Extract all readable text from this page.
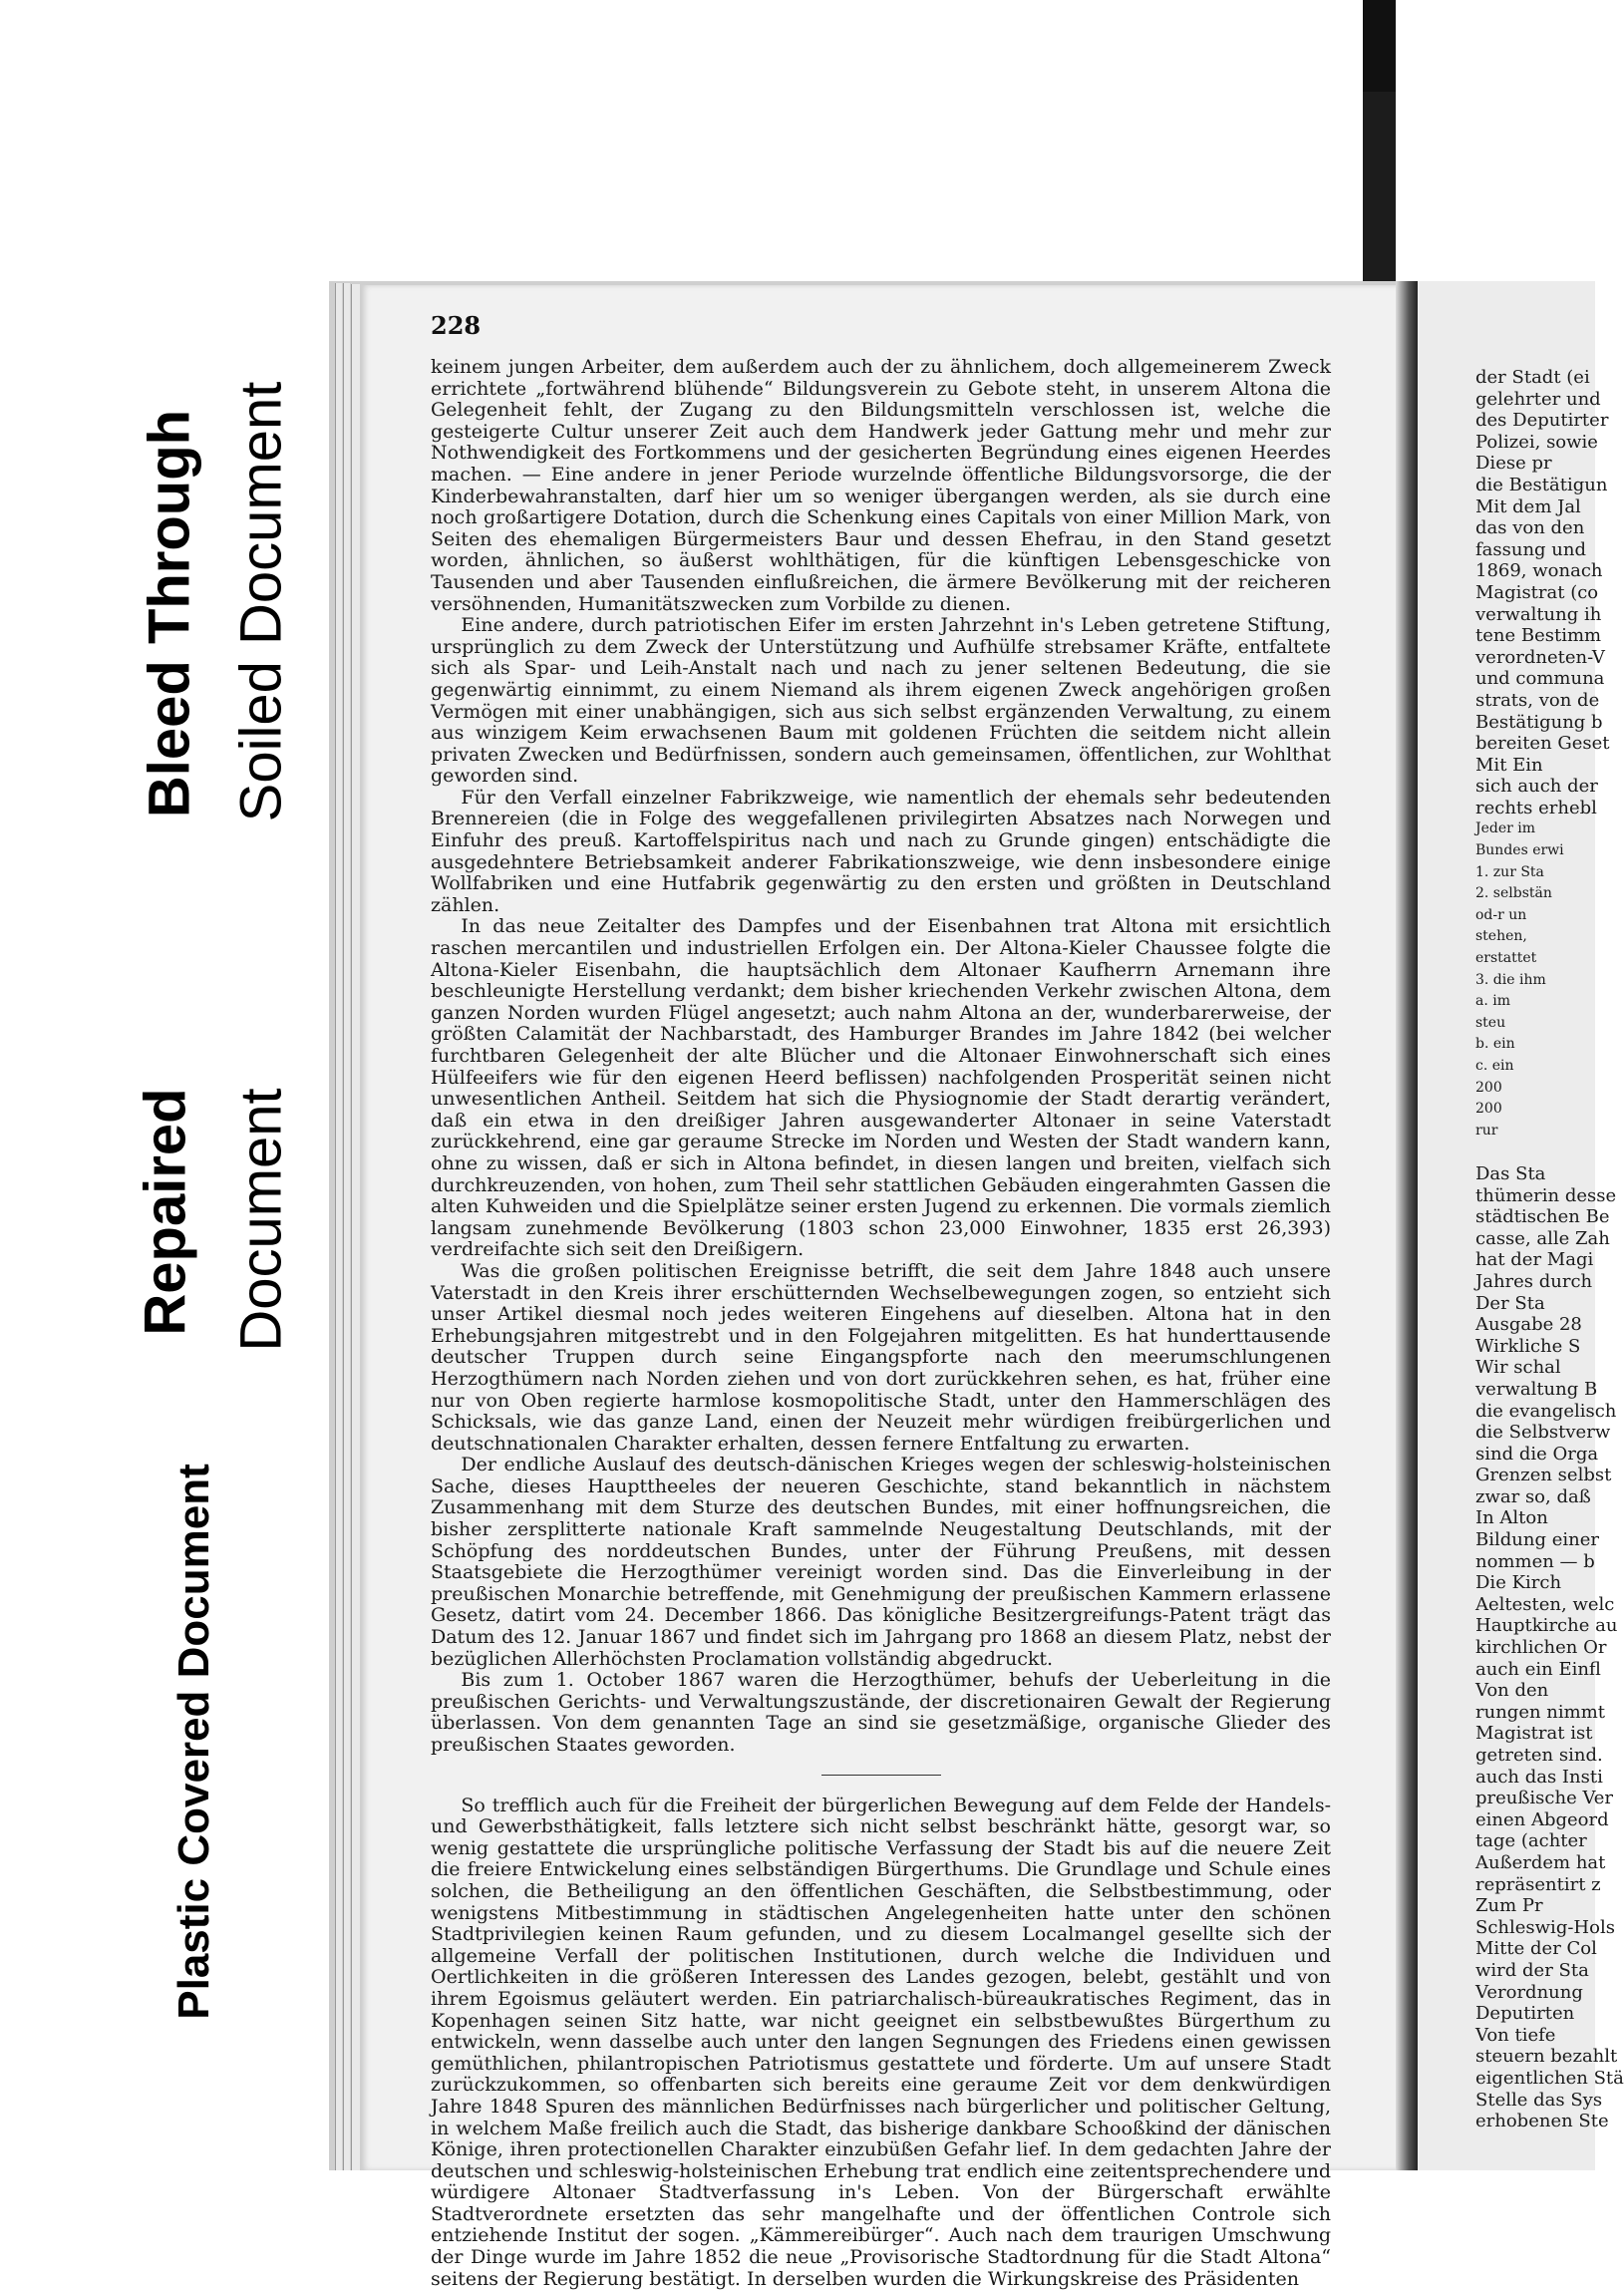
Bleed Through Soiled Document
Repaired Document
Plastic Covered Document
228

keinem jungen Arbeiter, dem außerdem auch der zu ähnlichem, doch allgemeinerem Zweck errichtete „fortwährend blühende“ Bildungsverein zu Gebote steht, in unserem Altona die Gelegenheit fehlt, der Zugang zu den Bildungsmitteln verschlossen ist, welche die gesteigerte Cultur unserer Zeit auch dem Handwerk jeder Gattung mehr und mehr zur Nothwendigkeit des Fortkommens und der gesicherten Begründung eines eigenen Heerdes machen. — Eine andere in jener Periode wurzelnde öffentliche Bildungsvorsorge, die der Kinderbewahranstalten, darf hier um so weniger übergangen werden, als sie durch eine noch großartigere Dotation, durch die Schenkung eines Capitals von einer Million Mark, von Seiten des ehemaligen Bürgermeisters Baur und dessen Ehefrau, in den Stand gesetzt worden, ähnlichen, so äußerst wohlthätigen, für die künftigen Lebensgeschicke von Tausenden und aber Tausenden einflußreichen, die ärmere Bevölkerung mit der reicheren versöhnenden, Humanitätszwecken zum Vorbilde zu dienen.

Eine andere, durch patriotischen Eifer im ersten Jahrzehnt in's Leben getretene Stiftung, ursprünglich zu dem Zweck der Unterstützung und Aufhülfe strebsamer Kräfte, entfaltete sich als Spar- und Leih-Anstalt nach und nach zu jener seltenen Bedeutung, die sie gegenwärtig einnimmt, zu einem Niemand als ihrem eigenen Zweck angehörigen großen Vermögen mit einer unabhängigen, sich aus sich selbst ergänzenden Verwaltung, zu einem aus winzigem Keim erwachsenen Baum mit goldenen Früchten die seitdem nicht allein privaten Zwecken und Bedürfnissen, sondern auch gemeinsamen, öffentlichen, zur Wohlthat geworden sind.

Für den Verfall einzelner Fabrikzweige, wie namentlich der ehemals sehr bedeutenden Brennereien (die in Folge des weggefallenen privilegirten Absatzes nach Norwegen und Einfuhr des preuß. Kartoffelspiritus nach und nach zu Grunde gingen) entschädigte die ausgedehntere Betriebsamkeit anderer Fabrikationszweige, wie denn insbesondere einige Wollfabriken und eine Hutfabrik gegenwärtig zu den ersten und größten in Deutschland zählen.

In das neue Zeitalter des Dampfes und der Eisenbahnen trat Altona mit ersichtlich raschen mercantilen und industriellen Erfolgen ein. Der Altona-Kieler Chaussee folgte die Altona-Kieler Eisenbahn, die hauptsächlich dem Altonaer Kaufherrn Arnemann ihre beschleunigte Herstellung verdankt; dem bisher kriechenden Verkehr zwischen Altona, dem ganzen Norden wurden Flügel angesetzt; auch nahm Altona an der, wunderbarerweise, der größten Calamität der Nachbarstadt, des Hamburger Brandes im Jahre 1842 (bei welcher furchtbaren Gelegenheit der alte Blücher und die Altonaer Einwohnerschaft sich eines Hülfeeifers wie für den eigenen Heerd beflissen) nachfolgenden Prosperität seinen nicht unwesentlichen Antheil. Seitdem hat sich die Physiognomie der Stadt derartig verändert, daß ein etwa in den dreißiger Jahren ausgewanderter Altonaer in seine Vaterstadt zurückkehrend, eine gar geraume Strecke im Norden und Westen der Stadt wandern kann, ohne zu wissen, daß er sich in Altona befindet, in diesen langen und breiten, vielfach sich durchkreuzenden, von hohen, zum Theil sehr stattlichen Gebäuden eingerahmten Gassen die alten Kuhweiden und die Spielplätze seiner ersten Jugend zu erkennen. Die vormals ziemlich langsam zunehmende Bevölkerung (1803 schon 23,000 Einwohner, 1835 erst 26,393) verdreifachte sich seit den Dreißigern.

Was die großen politischen Ereignisse betrifft, die seit dem Jahre 1848 auch unsere Vaterstadt in den Kreis ihrer erschütternden Wechselbewegungen zogen, so entzieht sich unser Artikel diesmal noch jedes weiteren Eingehens auf dieselben. Altona hat in den Erhebungsjahren mitgestrebt und in den Folgejahren mitgelitten. Es hat hunderttausende deutscher Truppen durch seine Eingangspforte nach den meerumschlungenen Herzogthümern nach Norden ziehen und von dort zurückkehren sehen, es hat, früher eine nur von Oben regierte harmlose kosmopolitische Stadt, unter den Hammerschlägen des Schicksals, wie das ganze Land, einen der Neuzeit mehr würdigen freibürgerlichen und deutschnationalen Charakter erhalten, dessen fernere Entfaltung zu erwarten.

Der endliche Auslauf des deutsch-dänischen Krieges wegen der schleswig-holsteinischen Sache, dieses Haupttheeles der neueren Geschichte, stand bekanntlich in nächstem Zusammenhang mit dem Sturze des deutschen Bundes, mit einer hoffnungsreichen, die bisher zersplitterte nationale Kraft sammelnde Neugestaltung Deutschlands, mit der Schöpfung des norddeutschen Bundes, unter der Führung Preußens, mit dessen Staatsgebiete die Herzogthümer vereinigt worden sind. Das die Einverleibung in der preußischen Monarchie betreffende, mit Genehmigung der preußischen Kammern erlassene Gesetz, datirt vom 24. December 1866. Das königliche Besitzergreifungs-Patent trägt das Datum des 12. Januar 1867 und findet sich im Jahrgang pro 1868 an diesem Platz, nebst der bezüglichen Allerhöchsten Proclamation vollständig abgedruckt.

Bis zum 1. October 1867 waren die Herzogthümer, behufs der Ueberleitung in die preußischen Gerichts- und Verwaltungszustände, der discretionairen Gewalt der Regierung überlassen. Von dem genannten Tage an sind sie gesetzmäßige, organische Glieder des preußischen Staates geworden.

So trefflich auch für die Freiheit der bürgerlichen Bewegung auf dem Felde der Handels- und Gewerbsthätigkeit, falls letztere sich nicht selbst beschränkt hätte, gesorgt war, so wenig gestattete die ursprüngliche politische Verfassung der Stadt bis auf die neuere Zeit die freiere Entwickelung eines selbständigen Bürgerthums. Die Grundlage und Schule eines solchen, die Betheiligung an den öffentlichen Geschäften, die Selbstbestimmung, oder wenigstens Mitbestimmung in städtischen Angelegenheiten hatte unter den schönen Stadtprivilegien keinen Raum gefunden, und zu diesem Localmangel gesellte sich der allgemeine Verfall der politischen Institutionen, durch welche die Individuen und Oertlichkeiten in die größeren Interessen des Landes gezogen, belebt, gestählt und von ihrem Egoismus geläutert werden. Ein patriarchalisch-büreaukratisches Regiment, das in Kopenhagen seinen Sitz hatte, war nicht geeignet ein selbstbewußtes Bürgerthum zu entwickeln, wenn dasselbe auch unter den langen Segnungen des Friedens einen gewissen gemüthlichen, philantropischen Patriotismus gestattete und förderte. Um auf unsere Stadt zurückzukommen, so offenbarten sich bereits eine geraume Zeit vor dem denkwürdigen Jahre 1848 Spuren des männlichen Bedürfnisses nach bürgerlicher und politischer Geltung, in welchem Maße freilich auch die Stadt, das bisherige dankbare Schooßkind der dänischen Könige, ihren protectionellen Charakter einzubüßen Gefahr lief. In dem gedachten Jahre der deutschen und schleswig-holsteinischen Erhebung trat endlich eine zeitentsprechendere und würdigere Altonaer Stadtverfassung in's Leben. Von der Bürgerschaft erwählte Stadtverordnete ersetzten das sehr mangelhafte und der öffentlichen Controle sich entziehende Institut der sogen. „Kämmereibürger“. Auch nach dem traurigen Umschwung der Dinge wurde im Jahre 1852 die neue „Provisorische Stadtordnung für die Stadt Altona“ seitens der Regierung bestätigt. In derselben wurden die Wirkungskreise des Präsidenten

der Stadt (ei
gelehrter und
des Deputirter
Polizei, sowie
Diese pr
die Bestätigun
Mit dem Jal
das von den
fassung und
1869, wonach
Magistrat (co
verwaltung ih
tene Bestimm
verordneten-V
und communa
strats, von de
Bestätigung b
bereiten Geset
Mit Ein
sich auch der
rechts erhebl
Jeder im
Bundes erwi
1. zur Sta
2. selbstän
od-r un
stehen,
erstattet
3. die ihm
a. im
steu
b. ein
c. ein
200
200
rur
Das Sta
thümerin desse
städtischen Be
casse, alle Zah
hat der Magi
Jahres durch
Der Sta
Ausgabe 28
Wirkliche S
Wir schal
verwaltung B
die evangelisch
die Selbstverw
sind die Orga
Grenzen selbst
zwar so, daß
In Alton
Bildung einer
nommen — b
Die Kirch
Aeltesten, welc
Hauptkirche au
kirchlichen Or
auch ein Einfl
Von den
rungen nimmt
Magistrat ist
getreten sind.
auch das Insti
preußische Ver
einen Abgeord
tage (achter
Außerdem hat
repräsentirt z
Zum Pr
Schleswig-Hols
Mitte der Col
wird der Sta
Verordnung
Deputirten
Von tiefe
steuern bezahlt
eigentlichen Stä
Stelle das Sys
erhobenen Ste
